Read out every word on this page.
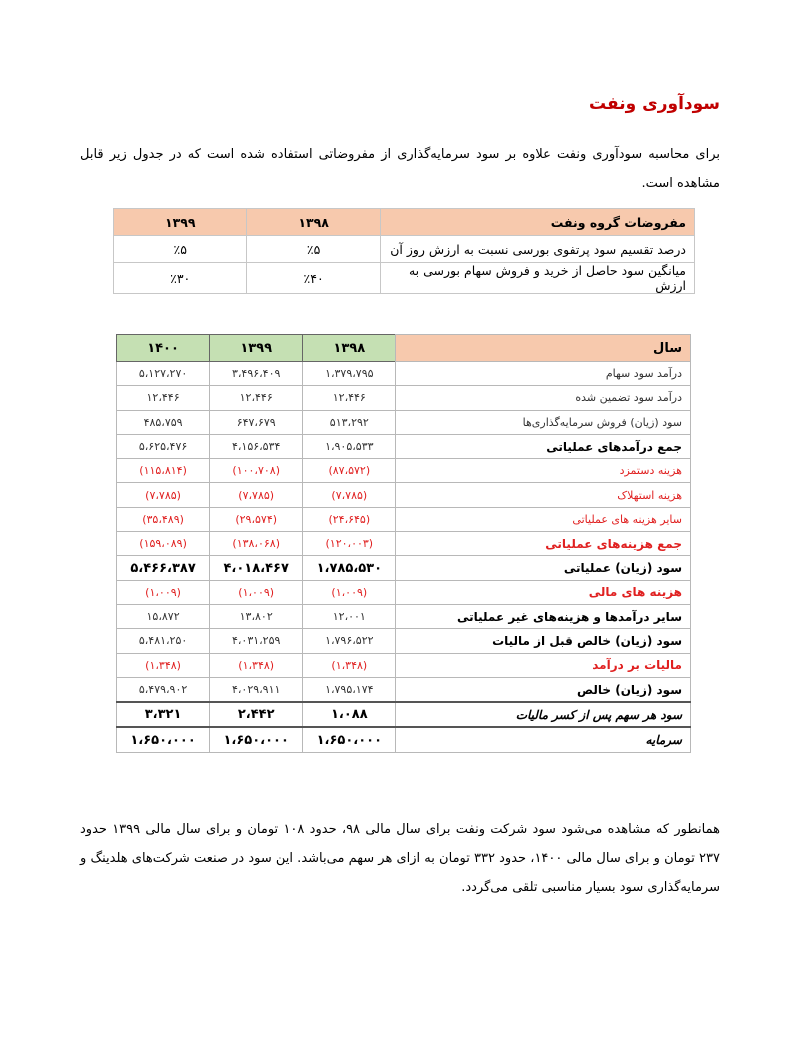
سودآوری ونفت
برای محاسبه سودآوری ونفت علاوه بر سود سرمایه‌گذاری از مفروضاتی استفاده شده است که در جدول زیر قابل مشاهده است.
مفروضات گروه ونفت	۱۳۹۸	۱۳۹۹
درصد تقسیم سود پرتفوی بورسی نسبت به ارزش روز آن	٪۵	٪۵
میانگین سود حاصل از خرید و فروش سهام بورسی به ارزش	٪۴۰	٪۳۰
سال	۱۳۹۸	۱۳۹۹	۱۴۰۰
درآمد سود سهام	۱،۳۷۹،۷۹۵	۳،۴۹۶،۴۰۹	۵،۱۲۷،۲۷۰
درآمد سود تضمین شده	۱۲،۴۴۶	۱۲،۴۴۶	۱۲،۴۴۶
سود (زیان) فروش سرمایه‌گذاری‌ها	۵۱۳،۲۹۲	۶۴۷،۶۷۹	۴۸۵،۷۵۹
جمع درآمدهای عملیاتی	۱،۹۰۵،۵۳۳	۴،۱۵۶،۵۳۴	۵،۶۲۵،۴۷۶
هزینه دستمزد	(۸۷،۵۷۲)	(۱۰۰،۷۰۸)	(۱۱۵،۸۱۴)
هزینه استهلاک	(۷،۷۸۵)	(۷،۷۸۵)	(۷،۷۸۵)
سایر هزینه های عملیاتی	(۲۴،۶۴۵)	(۲۹،۵۷۴)	(۳۵،۴۸۹)
جمع هزینه‌های عملیاتی	(۱۲۰،۰۰۳)	(۱۳۸،۰۶۸)	(۱۵۹،۰۸۹)
سود (زیان) عملیاتی	۱،۷۸۵،۵۳۰	۴،۰۱۸،۴۶۷	۵،۴۶۶،۳۸۷
هزینه های مالی	(۱،۰۰۹)	(۱،۰۰۹)	(۱،۰۰۹)
سایر درآمدها و هزینه‌های غیر عملیاتی	۱۲،۰۰۱	۱۳،۸۰۲	۱۵،۸۷۲
سود (زیان) خالص قبل از مالیات	۱،۷۹۶،۵۲۲	۴،۰۳۱،۲۵۹	۵،۴۸۱،۲۵۰
مالیات بر درآمد	(۱،۳۴۸)	(۱،۳۴۸)	(۱،۳۴۸)
سود (زیان) خالص	۱،۷۹۵،۱۷۴	۴،۰۲۹،۹۱۱	۵،۴۷۹،۹۰۲
سود هر سهم پس از کسر مالیات	۱،۰۸۸	۲،۴۴۲	۳،۳۲۱
سرمایه	۱،۶۵۰،۰۰۰	۱،۶۵۰،۰۰۰	۱،۶۵۰،۰۰۰
همانطور که مشاهده می‌شود سود شرکت ونفت برای سال مالی ۹۸، حدود ۱۰۸ تومان و برای سال مالی ۱۳۹۹ حدود ۲۳۷ تومان و برای سال مالی ۱۴۰۰، حدود ۳۳۲ تومان به ازای هر سهم می‌باشد. این سود در صنعت شرکت‌های هلدینگ و سرمایه‌گذاری سود بسیار مناسبی تلقی می‌گردد.
